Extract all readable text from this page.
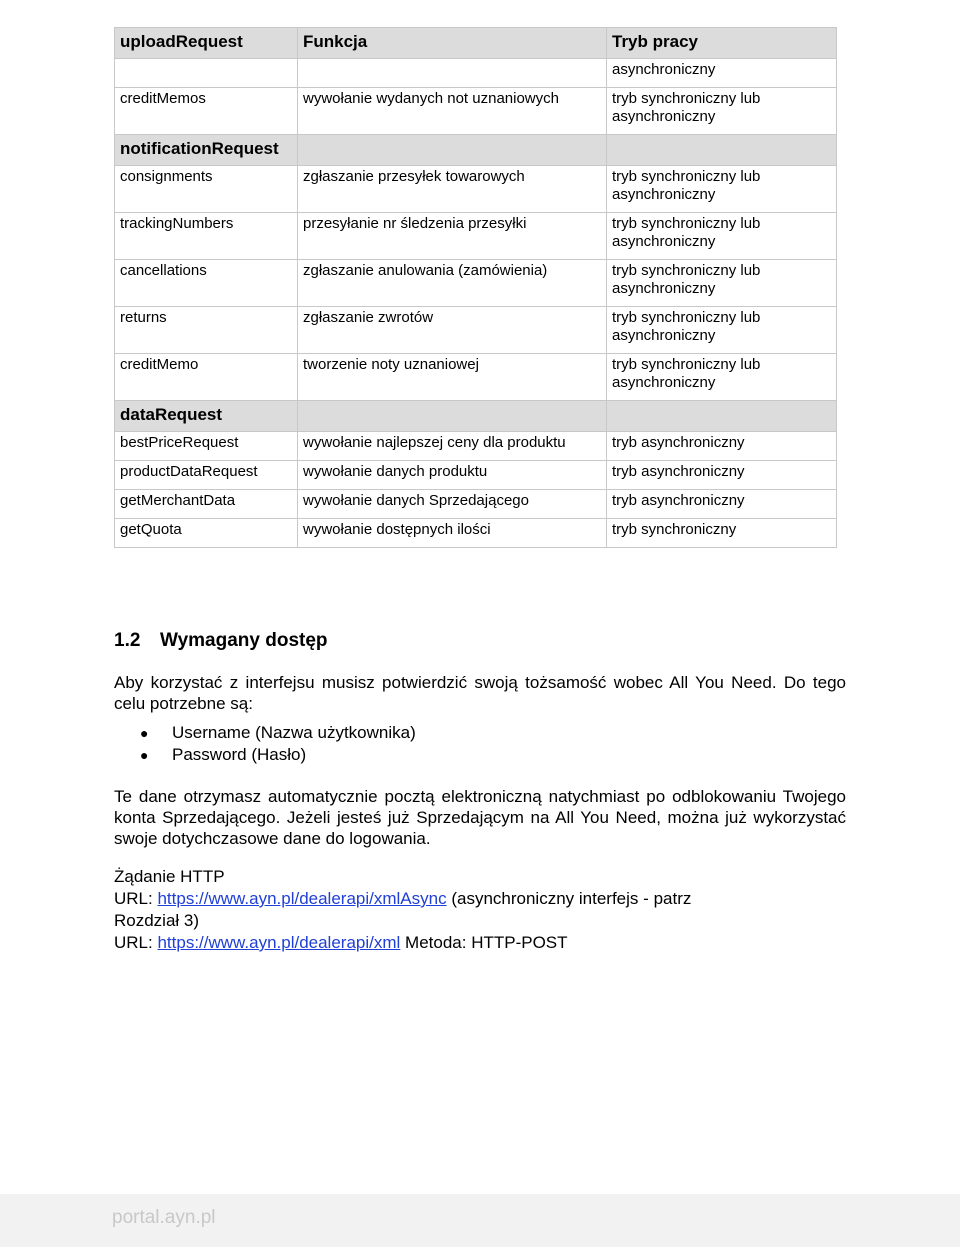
uploadRequest	Funkcja	Tryb pracy

		asynchroniczny

creditMemos	wywołanie wydanych not uznaniowych	tryb synchroniczny lub
asynchroniczny

notificationRequest		
consignments	zgłaszanie przesyłek towarowych	tryb synchroniczny lub
asynchroniczny

trackingNumbers	przesyłanie nr śledzenia przesyłki	tryb synchroniczny lub
asynchroniczny

cancellations	zgłaszanie anulowania (zamówienia)	tryb synchroniczny lub
asynchroniczny

returns	zgłaszanie zwrotów	tryb synchroniczny lub
asynchroniczny

creditMemo	tworzenie noty uznaniowej	tryb synchroniczny lub
asynchroniczny

dataRequest		
bestPriceRequest	wywołanie najlepszej ceny dla produktu	tryb asynchroniczny

productDataRequest	wywołanie danych produktu	tryb asynchroniczny

getMerchantData	wywołanie danych Sprzedającego	tryb asynchroniczny

getQuota	wywołanie dostępnych ilości	tryb synchroniczny
1.2 Wymagany dostęp

Aby korzystać z interfejsu musisz potwierdzić swoją tożsamość wobec All You Need. Do tego celu potrzebne są:

● Username (Nazwa użytkownika)
● Password (Hasło)

Te dane otrzymasz automatycznie pocztą elektroniczną natychmiast po odblokowaniu Twojego konta Sprzedającego. Jeżeli jesteś już Sprzedającym na All You Need, można już wykorzystać swoje dotychczasowe dane do logowania.

Żądanie HTTP
URL: https://www.ayn.pl/dealerapi/xmlAsync (asynchroniczny interfejs - patrz
Rozdział 3)
URL: https://www.ayn.pl/dealerapi/xml Metoda: HTTP-POST
portal.ayn.pl
